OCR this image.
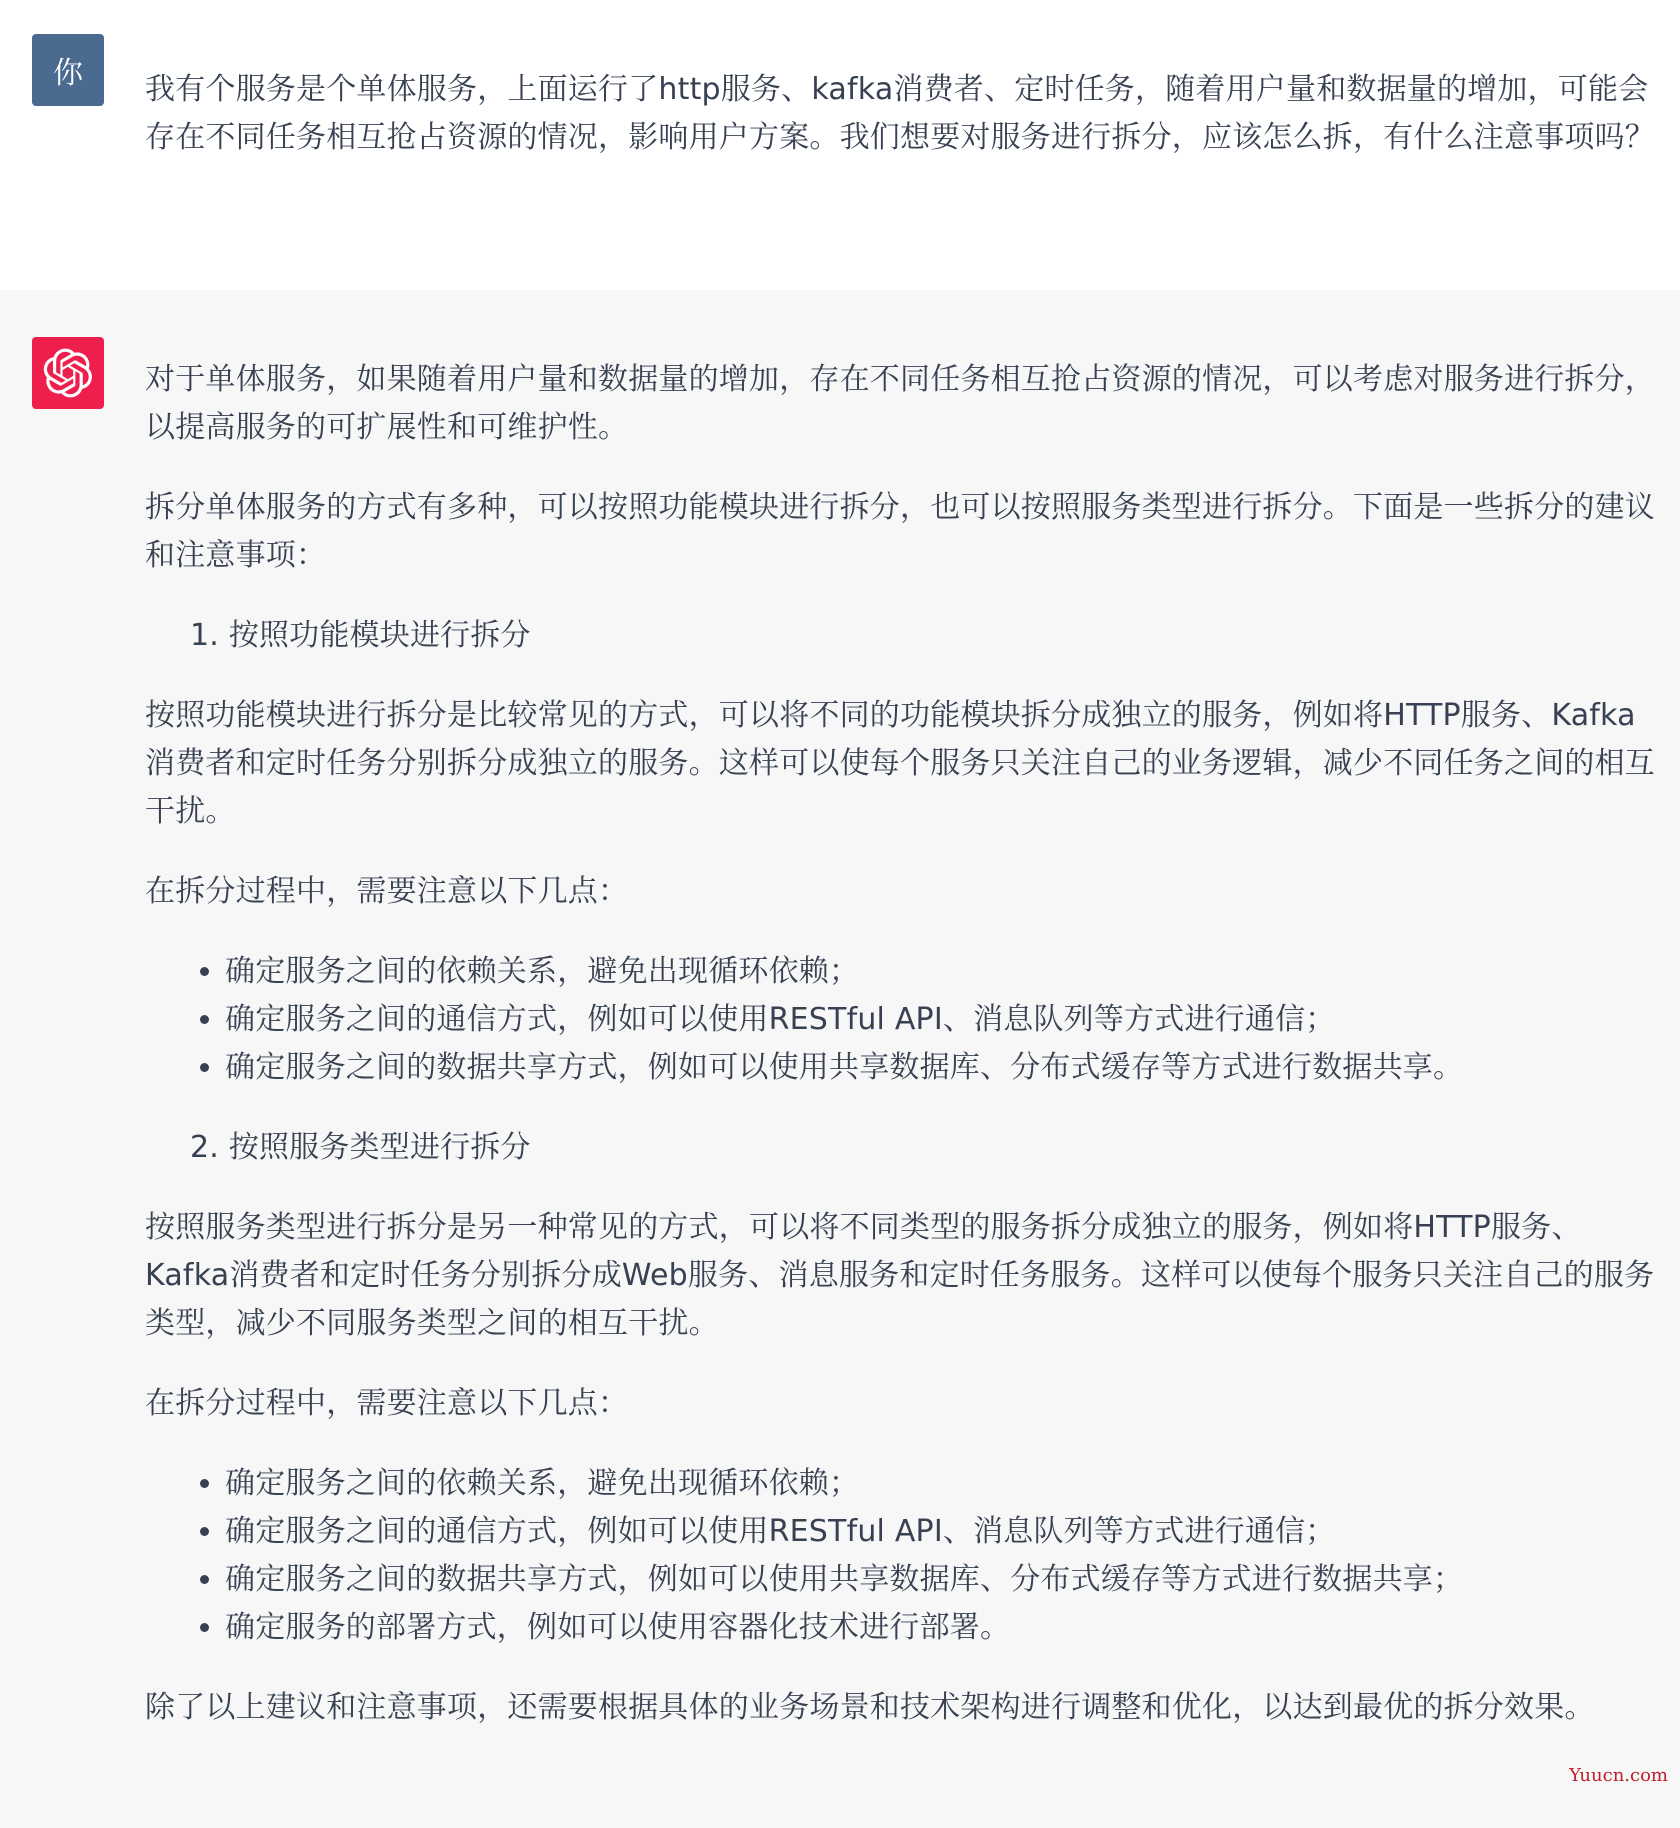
你	我有个服务是个单体服务，上面运行了http服务、kafka消费者、定时任务，随着用户量和数据量的增加，可能会存在不同任务相互抢占资源的情况，影响用户方案。我们想要对服务进行拆分，应该怎么拆，有什么注意事项吗？

对于单体服务，如果随着用户量和数据量的增加，存在不同任务相互抢占资源的情况，可以考虑对服务进行拆分，以提高服务的可扩展性和可维护性。

拆分单体服务的方式有多种，可以按照功能模块进行拆分，也可以按照服务类型进行拆分。下面是一些拆分的建议和注意事项：

1. 按照功能模块进行拆分

按照功能模块进行拆分是比较常见的方式，可以将不同的功能模块拆分成独立的服务，例如将HTTP服务、Kafka消费者和定时任务分别拆分成独立的服务。这样可以使每个服务只关注自己的业务逻辑，减少不同任务之间的相互干扰。

在拆分过程中，需要注意以下几点：

• 确定服务之间的依赖关系，避免出现循环依赖；
• 确定服务之间的通信方式，例如可以使用RESTful API、消息队列等方式进行通信；
• 确定服务之间的数据共享方式，例如可以使用共享数据库、分布式缓存等方式进行数据共享。

2. 按照服务类型进行拆分

按照服务类型进行拆分是另一种常见的方式，可以将不同类型的服务拆分成独立的服务，例如将HTTP服务、Kafka消费者和定时任务分别拆分成Web服务、消息服务和定时任务服务。这样可以使每个服务只关注自己的服务类型，减少不同服务类型之间的相互干扰。

在拆分过程中，需要注意以下几点：

• 确定服务之间的依赖关系，避免出现循环依赖；
• 确定服务之间的通信方式，例如可以使用RESTful API、消息队列等方式进行通信；
• 确定服务之间的数据共享方式，例如可以使用共享数据库、分布式缓存等方式进行数据共享；
• 确定服务的部署方式，例如可以使用容器化技术进行部署。

除了以上建议和注意事项，还需要根据具体的业务场景和技术架构进行调整和优化，以达到最优的拆分效果。

Yuucn.com
